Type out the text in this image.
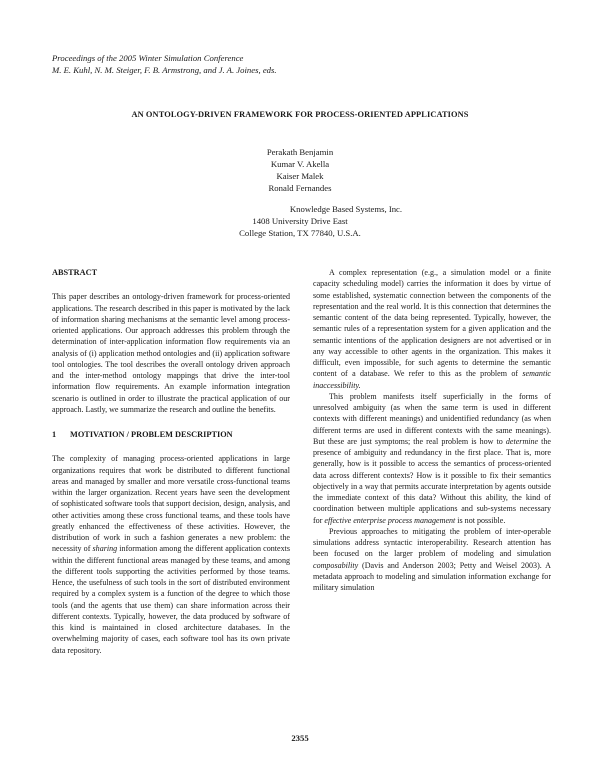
Proceedings of the 2005 Winter Simulation Conference
M. E. Kuhl, N. M. Steiger, F. B. Armstrong, and J. A. Joines, eds.
AN ONTOLOGY-DRIVEN FRAMEWORK FOR PROCESS-ORIENTED APPLICATIONS
Perakath Benjamin
Kumar V. Akella
Kaiser Malek
Ronald Fernandes
Knowledge Based Systems, Inc.
1408 University Drive East
College Station, TX 77840, U.S.A.
ABSTRACT

This paper describes an ontology-driven framework for process-oriented applications. The research described in this paper is motivated by the lack of information sharing mechanisms at the semantic level among process-oriented applications. Our approach addresses this problem through the determination of inter-application information flow requirements via an analysis of (i) application method ontologies and (ii) application software tool ontologies. The tool describes the overall ontology driven approach and the inter-method ontology mappings that drive the inter-tool information flow requirements. An example information integration scenario is outlined in order to illustrate the practical application of our approach. Lastly, we summarize the research and outline the benefits.

1 MOTIVATION / PROBLEM DESCRIPTION

The complexity of managing process-oriented applications in large organizations requires that work be distributed to different functional areas and managed by smaller and more versatile cross-functional teams within the larger organization. Recent years have seen the development of sophisticated software tools that support decision, design, analysis, and other activities among these cross functional teams, and these tools have greatly enhanced the effectiveness of these activities. However, the distribution of work in such a fashion generates a new problem: the necessity of sharing information among the different application contexts within the different functional areas managed by these teams, and among the different tools supporting the activities performed by those teams. Hence, the usefulness of such tools in the sort of distributed environment required by a complex system is a function of the degree to which those tools (and the agents that use them) can share information across their different contexts. Typically, however, the data produced by software of this kind is maintained in closed architecture databases. In the overwhelming majority of cases, each software tool has its own private data repository.

A complex representation (e.g., a simulation model or a finite capacity scheduling model) carries the information it does by virtue of some established, systematic connection between the components of the representation and the real world. It is this connection that determines the semantic content of the data being represented. Typically, however, the semantic rules of a representation system for a given application and the semantic intentions of the application designers are not advertised or in any way accessible to other agents in the organization. This makes it difficult, even impossible, for such agents to determine the semantic content of a database. We refer to this as the problem of semantic inaccessibility.

This problem manifests itself superficially in the forms of unresolved ambiguity (as when the same term is used in different contexts with different meanings) and unidentified redundancy (as when different terms are used in different contexts with the same meanings). But these are just symptoms; the real problem is how to determine the presence of ambiguity and redundancy in the first place. That is, more generally, how is it possible to access the semantics of process-oriented data across different contexts? How is it possible to fix their semantics objectively in a way that permits accurate interpretation by agents outside the immediate context of this data? Without this ability, the kind of coordination between multiple applications and sub-systems necessary for effective enterprise process management is not possible.

Previous approaches to mitigating the problem of inter-operable simulations address syntactic interoperability. Research attention has been focused on the larger problem of modeling and simulation composability (Davis and Anderson 2003; Petty and Weisel 2003). A metadata approach to modeling and simulation information exchange for military simulation

2355
